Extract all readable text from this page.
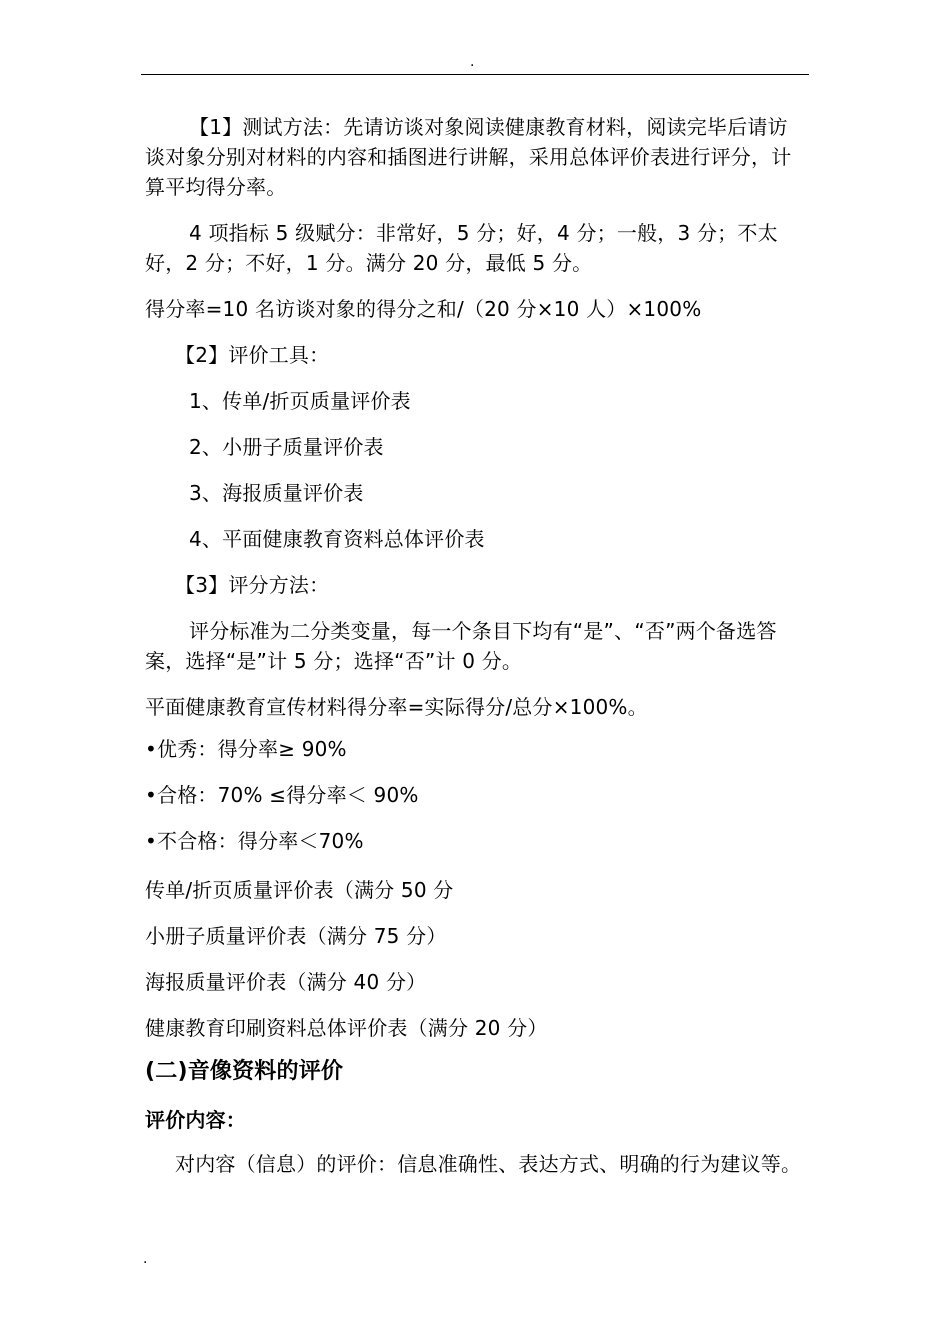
.

【1】测试方法：先请访谈对象阅读健康教育材料，阅读完毕后请访谈对象分别对材料的内容和插图进行讲解，采用总体评价表进行评分，计算平均得分率。

4 项指标 5 级赋分：非常好，5 分；好，4 分；一般，3 分；不太好，2 分；不好，1 分。满分 20 分，最低 5 分。

得分率=10 名访谈对象的得分之和/（20 分×10 人）×100%

【2】评价工具：

1、传单/折页质量评价表

2、小册子质量评价表

3、海报质量评价表

4、平面健康教育资料总体评价表

【3】评分方法：

评分标准为二分类变量，每一个条目下均有“是”、“否”两个备选答案，选择“是”计 5 分；选择“否”计 0 分。

平面健康教育宣传材料得分率=实际得分/总分×100%。

•优秀：得分率≥ 90%

•合格：70% ≤得分率＜ 90%

•不合格：得分率＜70%

传单/折页质量评价表（满分 50 分

小册子质量评价表（满分 75 分）

海报质量评价表（满分 40 分）

健康教育印刷资料总体评价表（满分 20 分）

(二)音像资料的评价

评价内容：

对内容（信息）的评价：信息准确性、表达方式、明确的行为建议等。

.
